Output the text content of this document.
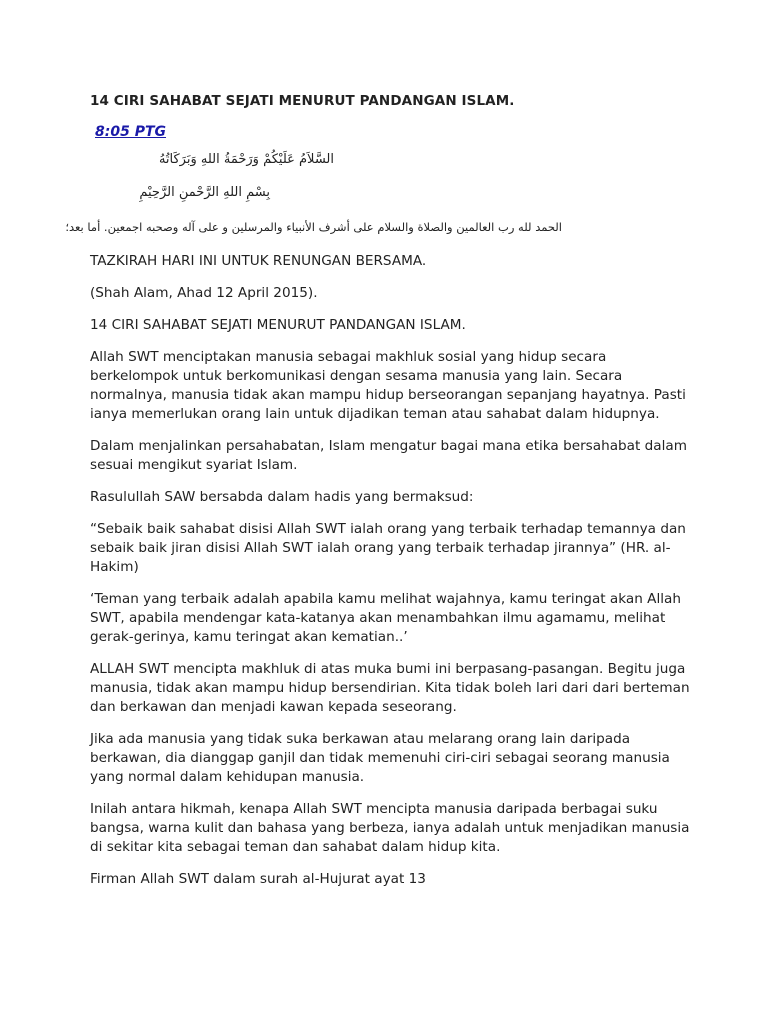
14 CIRI SAHABAT SEJATI MENURUT PANDANGAN ISLAM.
8:05 PTG
السَّلاَمُ عَلَيْكُمْ وَرَحْمَةُ اللهِ وَبَرَكَاتُهُ
بِسْمِ اللهِ الرَّحْمنِ الرَّحِيْمِ
الحمد لله رب العالمين والصلاة والسلام على أشرف الأنبياء والمرسلين و على آله وصحبه اجمعين. أما بعد؛

TAZKIRAH HARI INI UNTUK RENUNGAN BERSAMA.

(Shah Alam, Ahad 12 April 2015).

14 CIRI SAHABAT SEJATI MENURUT PANDANGAN ISLAM.

Allah SWT menciptakan manusia sebagai makhluk sosial yang hidup secara berkelompok untuk berkomunikasi dengan sesama manusia yang lain. Secara normalnya, manusia tidak akan mampu hidup berseorangan sepanjang hayatnya. Pasti ianya memerlukan orang lain untuk dijadikan teman atau sahabat dalam hidupnya.

Dalam menjalinkan persahabatan, Islam mengatur bagai mana etika bersahabat dalam sesuai mengikut syariat Islam.

Rasulullah SAW bersabda dalam hadis yang bermaksud:

“Sebaik baik sahabat disisi Allah SWT ialah orang yang terbaik terhadap temannya dan sebaik baik jiran disisi Allah SWT ialah orang yang terbaik terhadap jirannya” (HR. al-Hakim)

‘Teman yang terbaik adalah apabila kamu melihat wajahnya, kamu teringat akan Allah SWT, apabila mendengar kata-katanya akan menambahkan ilmu agamamu, melihat gerak-gerinya, kamu teringat akan kematian..’

ALLAH SWT mencipta makhluk di atas muka bumi ini berpasang-pasangan. Begitu juga manusia, tidak akan mampu hidup bersendirian. Kita tidak boleh lari dari dari berteman dan berkawan dan menjadi kawan kepada seseorang.

Jika ada manusia yang tidak suka berkawan atau melarang orang lain daripada berkawan, dia dianggap ganjil dan tidak memenuhi ciri-ciri sebagai seorang manusia yang normal dalam kehidupan manusia.

Inilah antara hikmah, kenapa Allah SWT mencipta manusia daripada berbagai suku bangsa, warna kulit dan bahasa yang berbeza, ianya adalah untuk menjadikan manusia di sekitar kita sebagai teman dan sahabat dalam hidup kita.

Firman Allah SWT dalam surah al-Hujurat ayat 13
